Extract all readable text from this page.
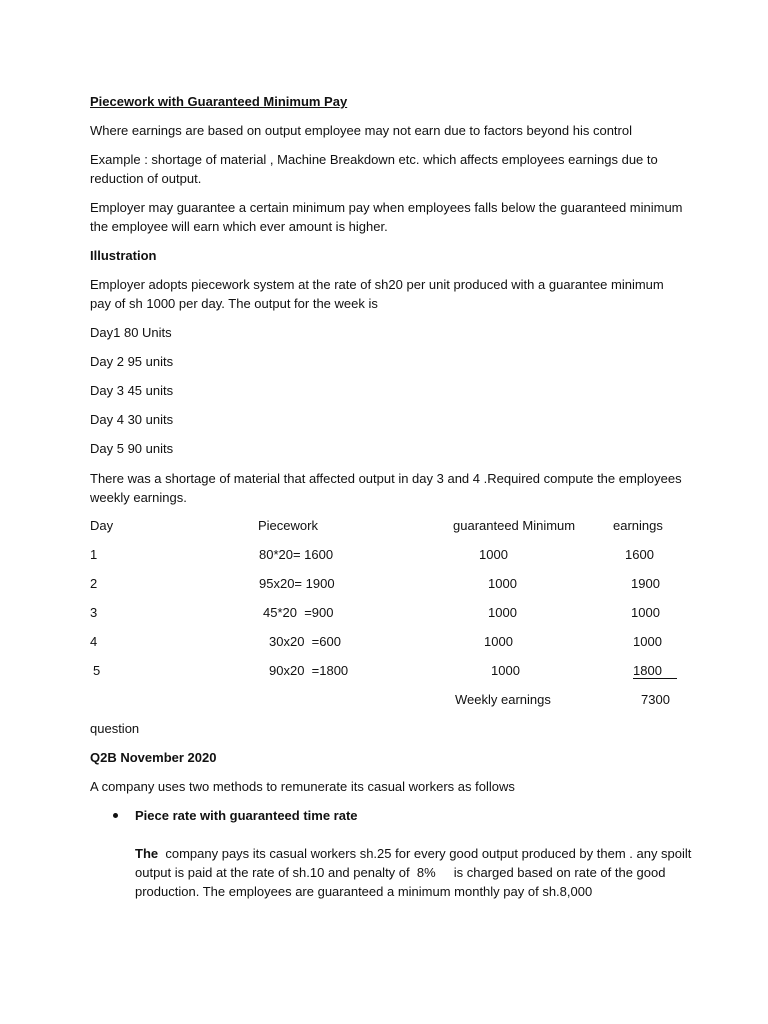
Piecework with Guaranteed Minimum Pay
Where earnings are based on output employee may not earn due to factors beyond his control
Example : shortage of material , Machine Breakdown etc. which affects employees earnings due to
reduction of output.
Employer may guarantee a certain minimum pay when employees falls below the guaranteed minimum
the employee will earn which ever amount is higher.
Illustration
Employer adopts piecework system at the rate of sh20 per unit produced with a guarantee minimum
pay of sh 1000 per day. The output for the week is
Day1 80 Units
Day 2 95 units
Day 3 45 units
Day 4 30 units
Day 5 90 units
There was a shortage of material that affected output in day 3 and 4 .Required compute the employees
weekly earnings.
Day	Piecework	guaranteed Minimum	earnings
1	80*20= 1600	1000	1600
2	95x20= 1900	1000	1900
3	45*20  =900	1000	1000
4	30x20  =600	1000	1000
5	90x20  =1800	1000	1800
Weekly earnings	7300
question
Q2B November 2020
A company uses two methods to remunerate its casual workers as follows
Piece rate with guaranteed time rate
The  company pays its casual workers sh.25 for every good output produced by them . any spoilt
output is paid at the rate of sh.10 and penalty of  8%     is charged based on rate of the good
production. The employees are guaranteed a minimum monthly pay of sh.8,000
